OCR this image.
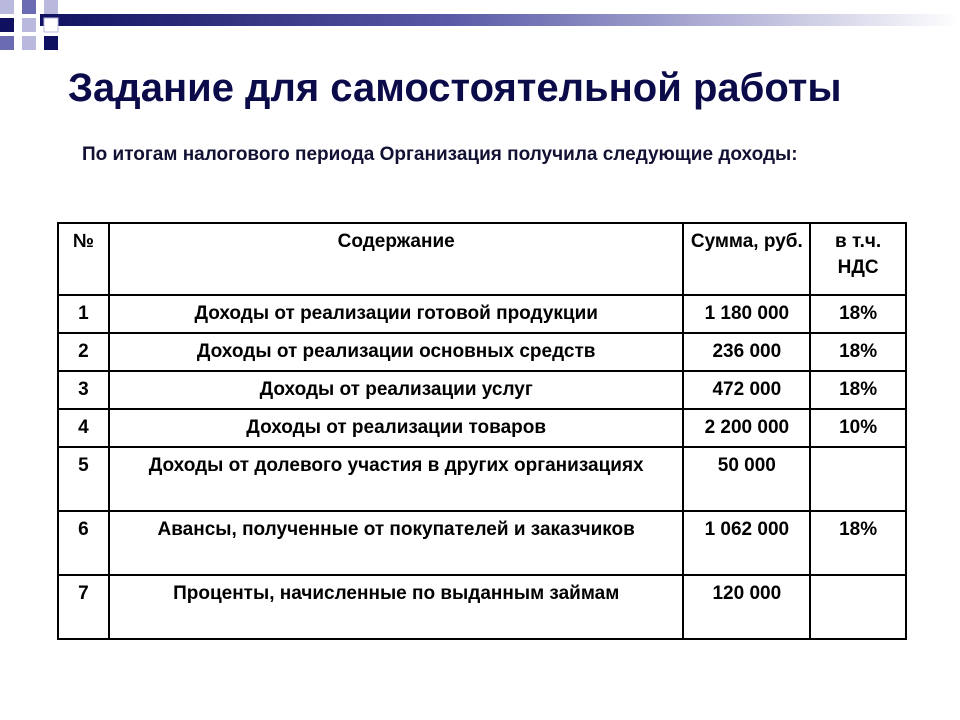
Задание для самостоятельной работы
По итогам налогового периода Организация получила следующие доходы:
№	Содержание	Сумма, руб.	в т.ч. НДС
1	Доходы от реализации готовой продукции	1 180 000	18%
2	Доходы от реализации основных средств	236 000	18%
3	Доходы от реализации услуг	472 000	18%
4	Доходы от реализации товаров	2 200 000	10%
5	Доходы от долевого участия в других организациях	50 000	
6	Авансы, полученные от покупателей и заказчиков	1 062 000	18%
7	Проценты, начисленные по выданным займам	120 000	
